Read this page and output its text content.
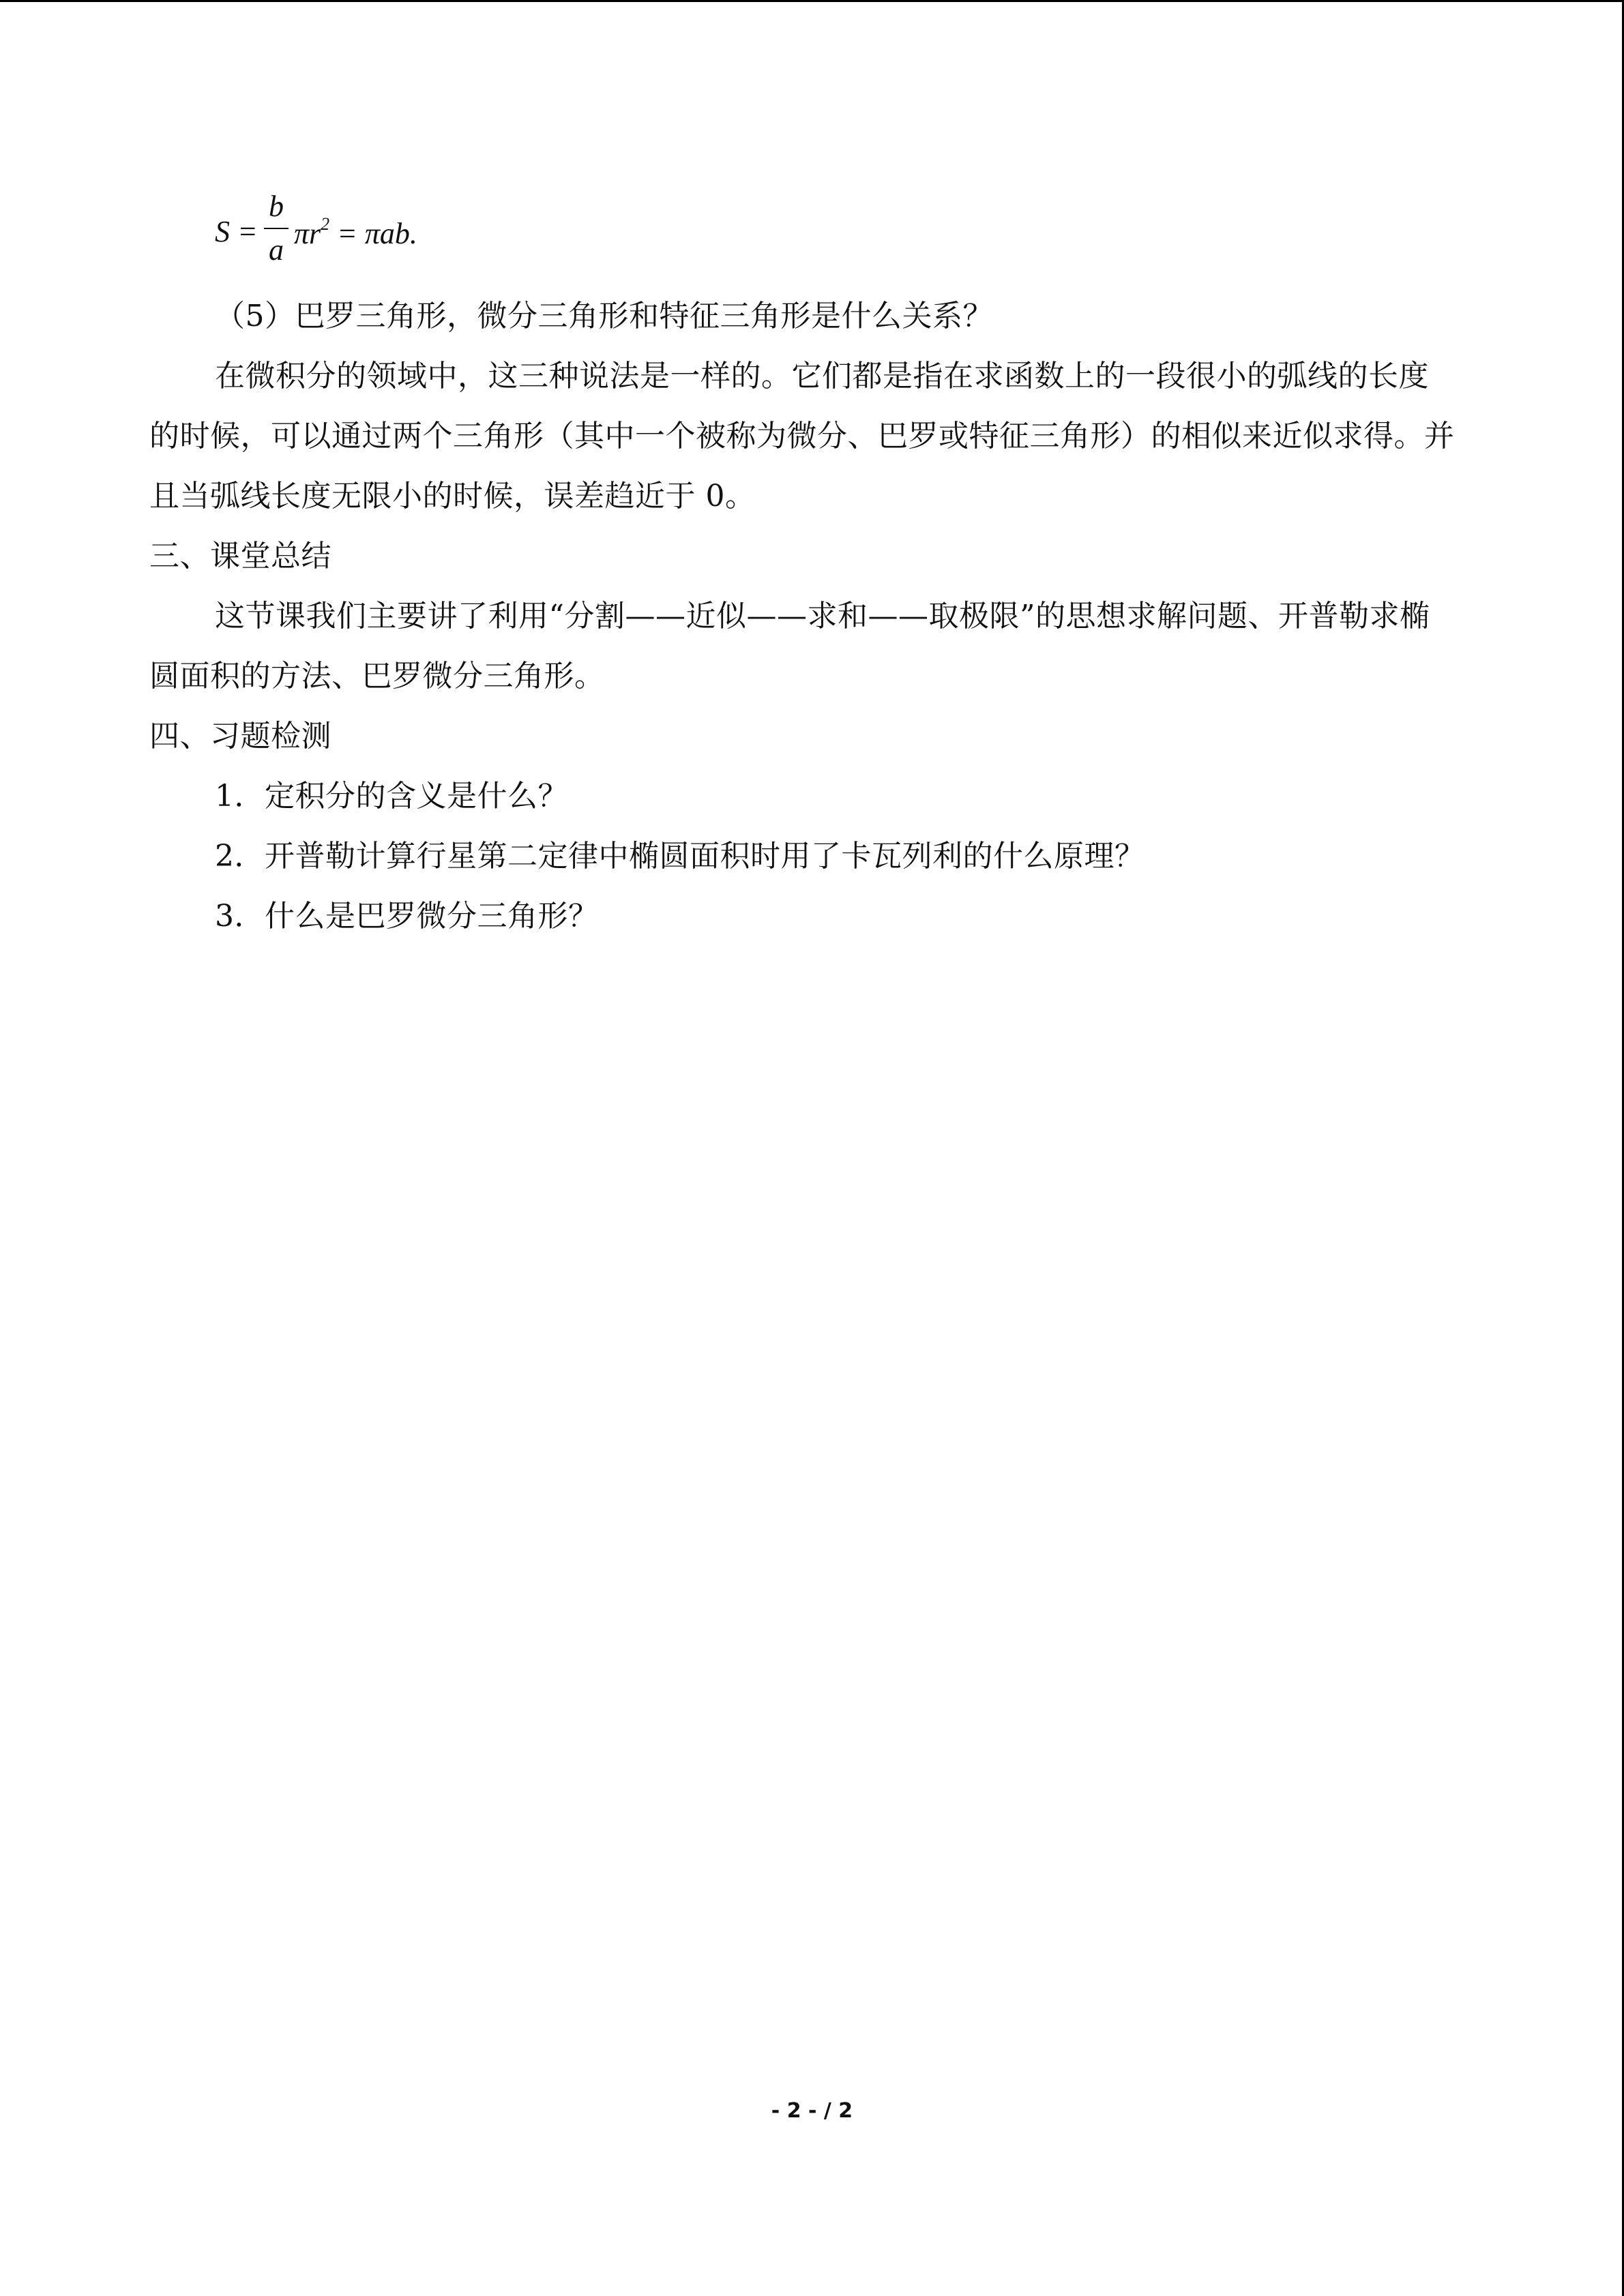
S =
b
a $\pi r^2 = \pi ab$.

（5）巴罗三角形，微分三角形和特征三角形是什么关系？

在微积分的领域中，这三种说法是一样的。它们都是指在求函数上的一段很小的弧线的长度的时候，可以通过两个三角形（其中一个被称为微分、巴罗或特征三角形）的相似来近似求得。并且当弧线长度无限小的时候，误差趋近于 0。

三、课堂总结

这节课我们主要讲了利用“分割——近似——求和——取极限”的思想求解问题、开普勒求椭圆面积的方法、巴罗微分三角形。

四、习题检测

1．定积分的含义是什么？

2．开普勒计算行星第二定律中椭圆面积时用了卡瓦列利的什么原理？

3．什么是巴罗微分三角形？

- 2 - / 2
